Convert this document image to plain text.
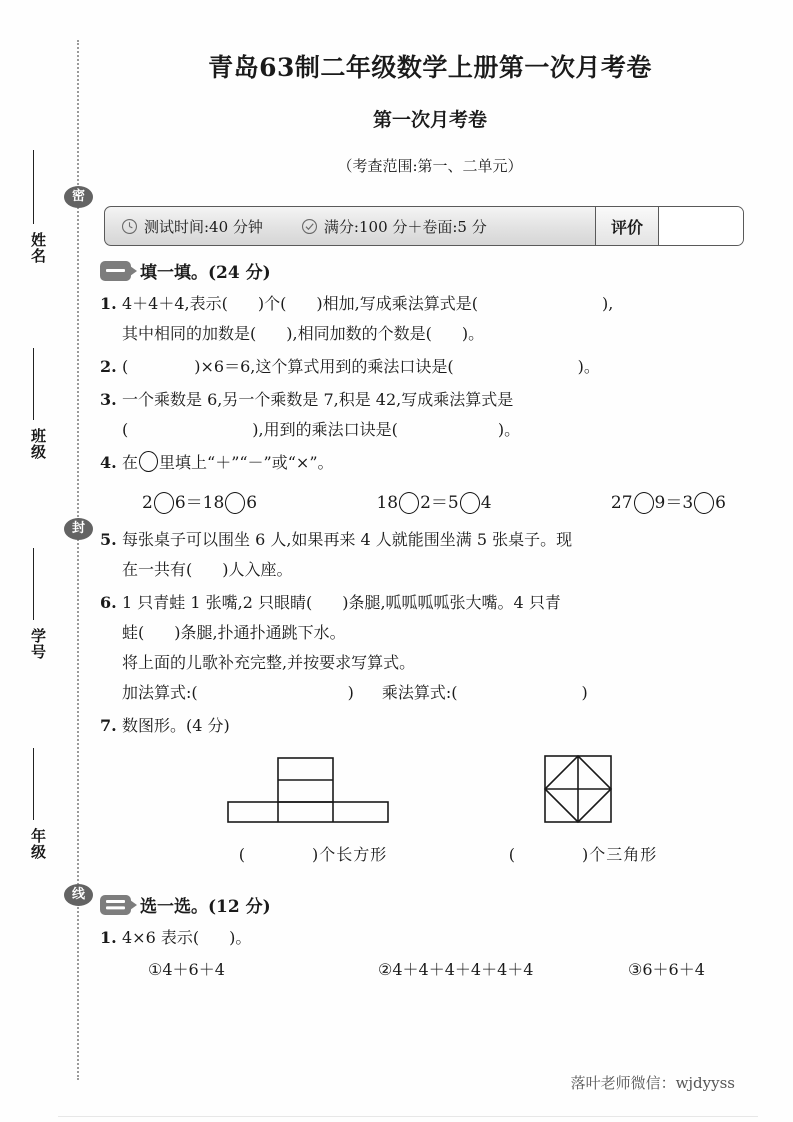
密
封
线
姓名
班级
学号
年级
青岛63制二年级数学上册第一次月考卷
第一次月考卷
（考查范围:第一、二单元）
测试时间:40 分钟	满分:100 分＋卷面:5 分	评价
填一填。(24 分)
1. 4＋4＋4,表示( )个( )相加,写成乘法算式是(	),
其中相同的加数是( ),相同加数的个数是( )。
2. (	)×6＝6,这个算式用到的乘法口诀是(	)。
3. 一个乘数是 6,另一个乘数是 7,积是 42,写成乘法算式是
(	),用到的乘法口诀是(	)。
4. 在 里填上“＋”“－”或“×”。
2 6＝18 6	18 2＝5 4	27 9＝3 6
5. 每张桌子可以围坐 6 人,如果再来 4 人就能围坐满 5 张桌子。现
在一共有( )人入座。
6. 1 只青蛙 1 张嘴,2 只眼睛( )条腿,呱呱呱呱张大嘴。4 只青
蛙( )条腿,扑通扑通跳下水。
将上面的儿歌补充完整,并按要求写算式。
加法算式:(	) 乘法算式:(	)
7. 数图形。(4 分)
(	)个长方形	(	)个三角形
选一选。(12 分)
1. 4×6 表示( )。
①4＋6＋4	②4＋4＋4＋4＋4＋4	③6＋6＋4
落叶老师微信：wjdyyss
